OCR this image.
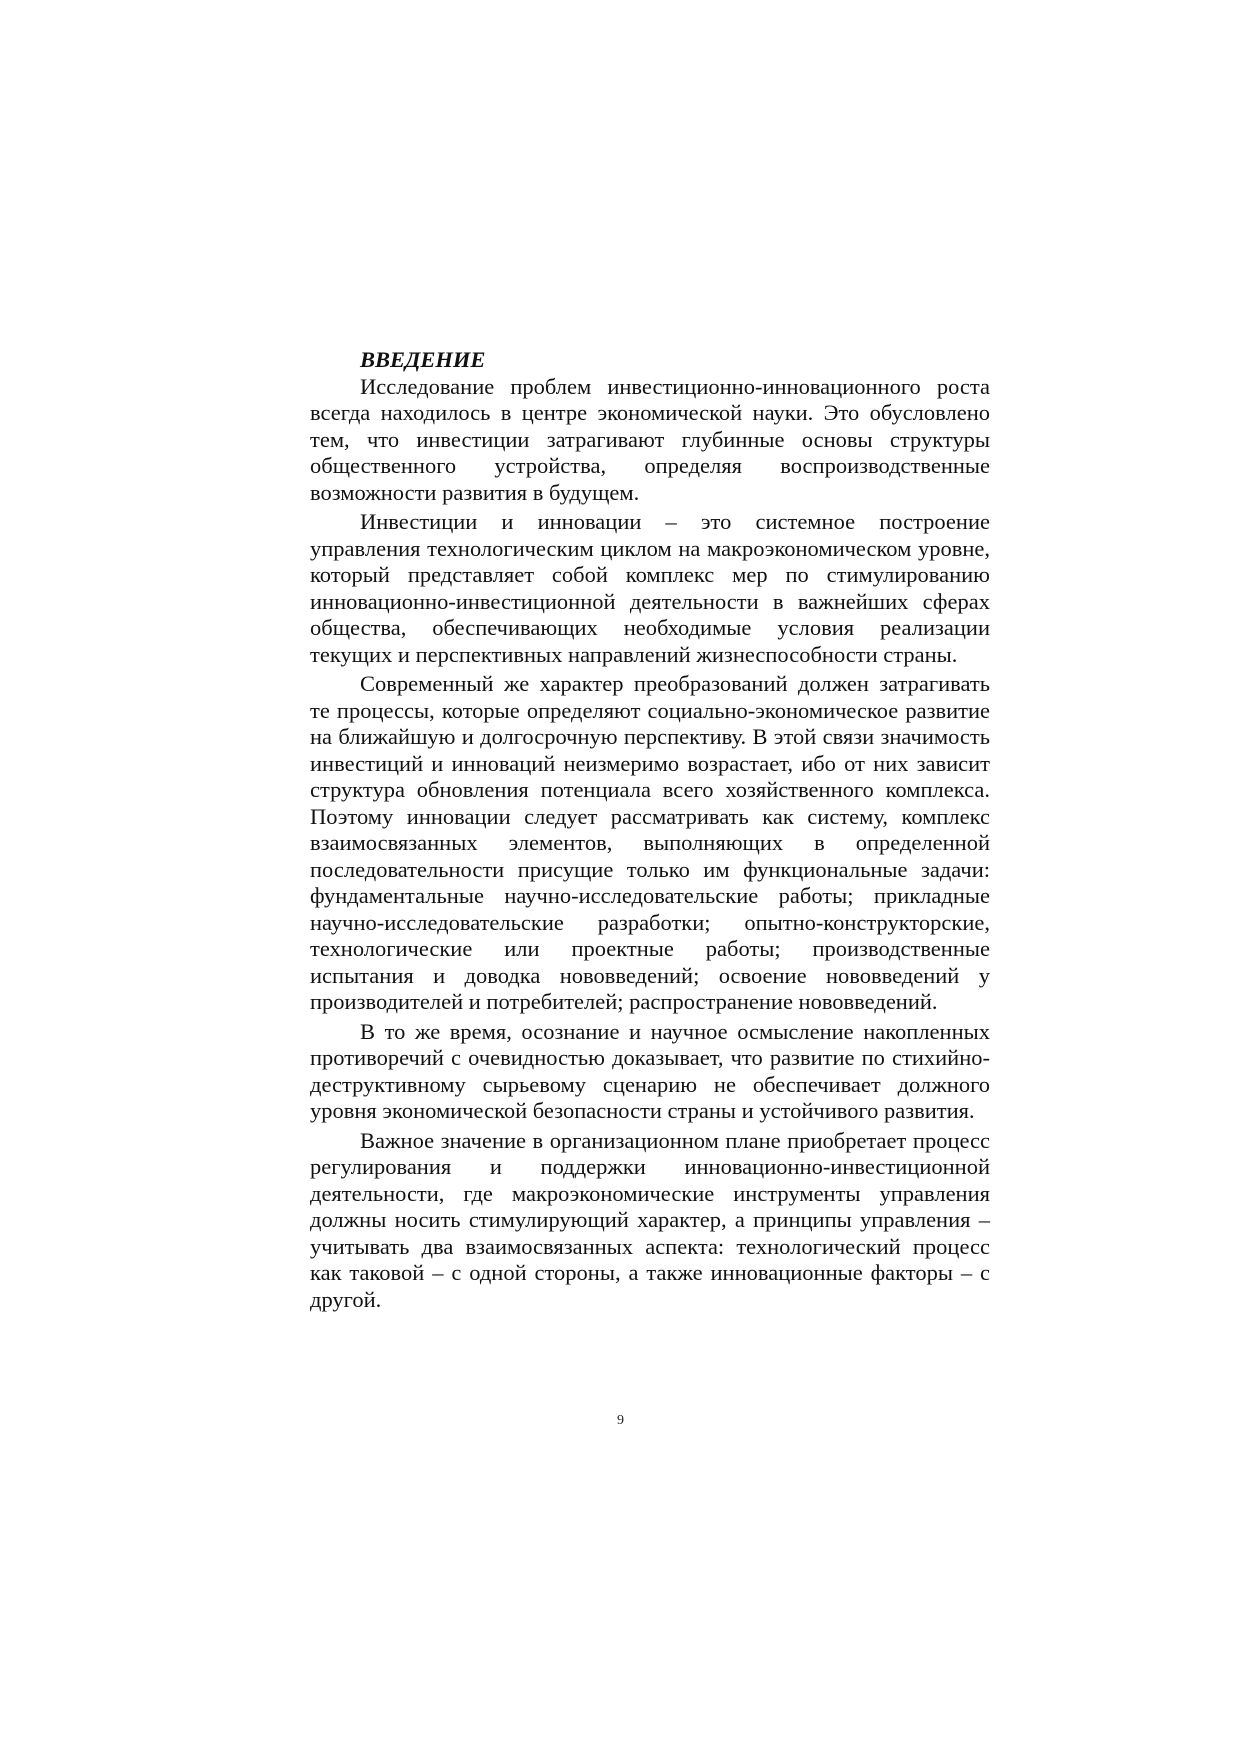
ВВЕДЕНИЕ

Исследование проблем инвестиционно-инновационного роста всегда находилось в центре экономической науки. Это обусловлено тем, что инвестиции затрагивают глубинные основы структуры общественного устройства, определяя воспроизводственные возможности развития в будущем.

Инвестиции и инновации – это системное построение управления технологическим циклом на макроэкономическом уровне, который представляет собой комплекс мер по стимулированию инновационно-инвестиционной деятельности в важнейших сферах общества, обеспечивающих необходимые условия реализации текущих и перспективных направлений жизнеспособности страны.

Современный же характер преобразований должен затрагивать те процессы, которые определяют социально-экономическое развитие на ближайшую и долгосрочную перспективу. В этой связи значимость инвестиций и инноваций неизмеримо возрастает, ибо от них зависит структура обновления потенциала всего хозяйственного комплекса. Поэтому инновации следует рассматривать как систему, комплекс взаимосвязанных элементов, выполняющих в определенной последовательности присущие только им функциональные задачи: фундаментальные научно-исследовательские работы; прикладные научно-исследовательские разработки; опытно-конструкторские, технологические или проектные работы; производственные испытания и доводка нововведений; освоение нововведений у производителей и потребителей; распространение нововведений.

В то же время, осознание и научное осмысление накопленных противоречий с очевидностью доказывает, что развитие по стихийно-деструктивному сырьевому сценарию не обеспечивает должного уровня экономической безопасности страны и устойчивого развития.

Важное значение в организационном плане приобретает процесс регулирования и поддержки инновационно-инвестиционной деятельности, где макроэкономические инструменты управления должны носить стимулирующий характер, а принципы управления – учитывать два взаимосвязанных аспекта: технологический процесс как таковой – с одной стороны, а также инновационные факторы – с другой.

9
